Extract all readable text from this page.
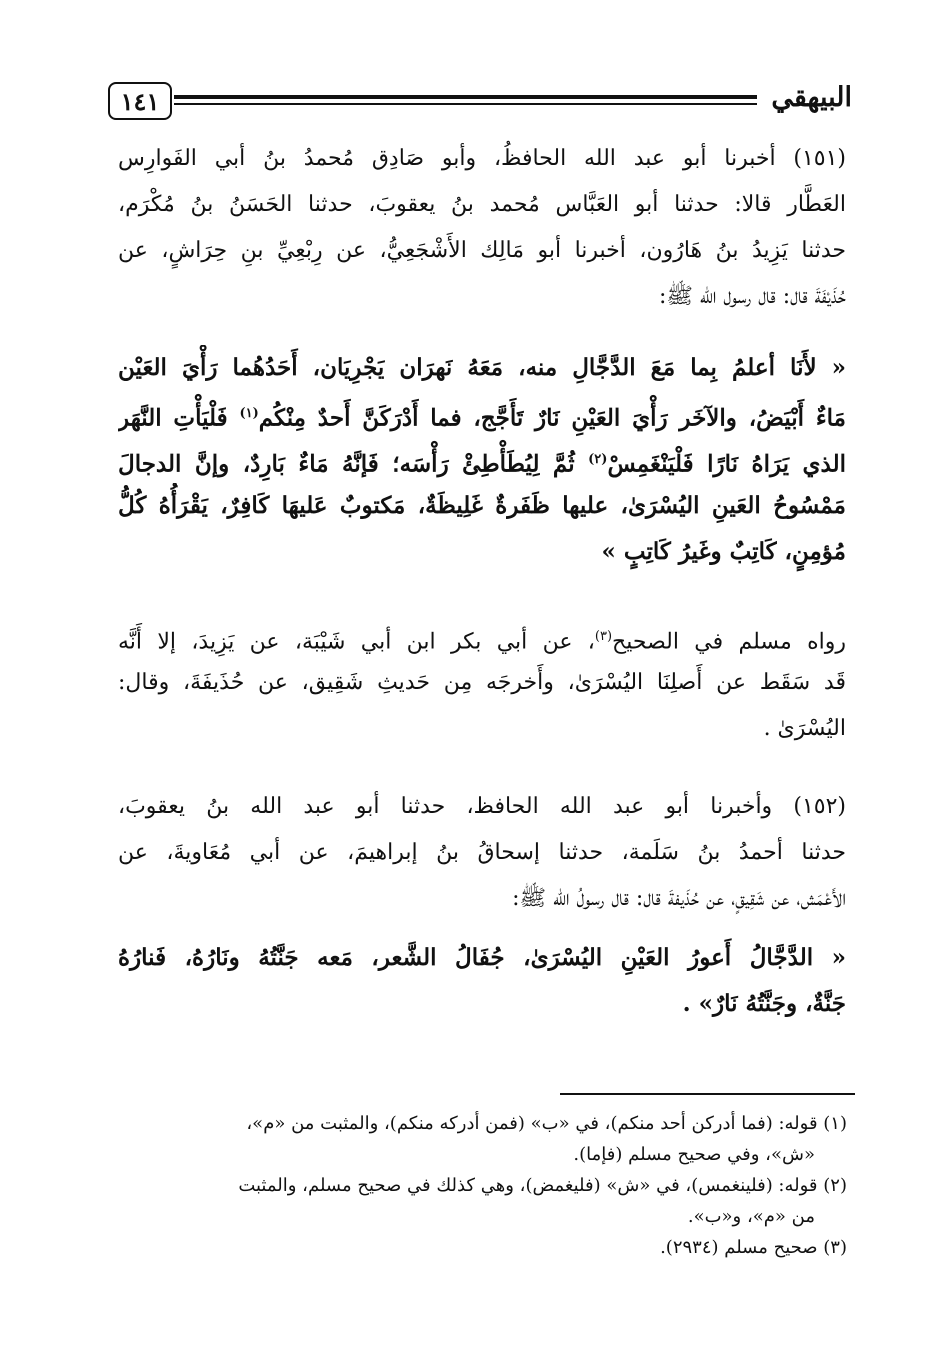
١٤١	البيهقي
(١٥١) أخبرنا أبو عبد الله الحافظُ، وأبو صَادِق مُحمدُ بنُ أبي الفَوارِس
العَطَّار قالا: حدثنا أبو العَبَّاس مُحمد بنُ يعقوبَ، حدثنا الحَسَنُ بنُ مُكْرَم،
حدثنا يَزِيدُ بنُ هَارُون، أخبرنا أبو مَالِك الأَشْجَعِيُّ، عن رِبْعِيِّ بنِ حِرَاشٍ، عن
حُذَيْفَةَ قال: قال رسول الله ﷺ:
« لأَنَا أعلمُ بِما مَعَ الدَّجَّالِ منه، مَعَهُ نَهرَان يَجْرِيَان، أَحَدُهُما رَأْيَ العَيْن
مَاءٌ أَبْيَضُ، والآخَر رَأْيَ العَيْنِ نَارٌ تَأَجَّج، فما أَدْرَكَنَّ أَحدٌ مِنْكُم$^{(١)}$ فَلْيَأْتِ النَّهَر
الذي يَرَاهُ نَارًا فَلْيَنْغَمِسْ$^{(٢)}$ ثُمَّ لِيُطَأْطِئْ رَأْسَه؛ فَإنَّهُ مَاءٌ بَارِدٌ، وإنَّ الدجالَ
مَمْسُوحُ العَينِ اليُسْرَىٰ، عليها ظَفَرةٌ غَلِيظَةٌ، مَكتوبٌ عَليهَا كَافِرٌ، يَقْرَأُهُ كُلُّ
مُؤمِنٍ، كَاتِبٌ وغَيرُ كَاتِبٍ »
رواه مسلم في الصحيح$^{(٣)}$، عن أبي بكر ابن أبي شَيْبَة، عن يَزِيدَ، إلا أَنَّه
قَد سَقَط عن أَصلِنَا اليُسْرَىٰ، وأَخرجَه مِن حَديثِ شَقِيق، عن حُذَيفَةَ، وقال:
اليُسْرَىٰ .
(١٥٢) وأخبرنا أبو عبد الله الحافظ، حدثنا أبو عبد الله بنُ يعقوبَ،
حدثنا أحمدُ بنُ سَلَمة، حدثنا إسحاقُ بنُ إبراهيمَ، عن أبي مُعَاويةَ، عن
الأَعْمَش، عن شَقِيقٍ، عن حُذَيفةَ قال: قال رسولُ الله ﷺ:
« الدَّجَّالُ أَعورُ العَيْنِ اليُسْرَىٰ، جُفَالُ الشَّعر، مَعه جَنَّتُهُ ونَارُهُ، فَنارُهُ
جَنَّةٌ، وجَنَّتُهُ نَارٌ» .
(١) قوله: (فما أدركن أحد منكم)، في «ب» (فمن أدركه منكم)، والمثبت من «م»،
«ش»، وفي صحيح مسلم (فإما).
(٢) قوله: (فلينغمس)، في «ش» (فليغمض)، وهي كذلك في صحيح مسلم، والمثبت
من «م»، و«ب».
(٣) صحيح مسلم (٢٩٣٤).
